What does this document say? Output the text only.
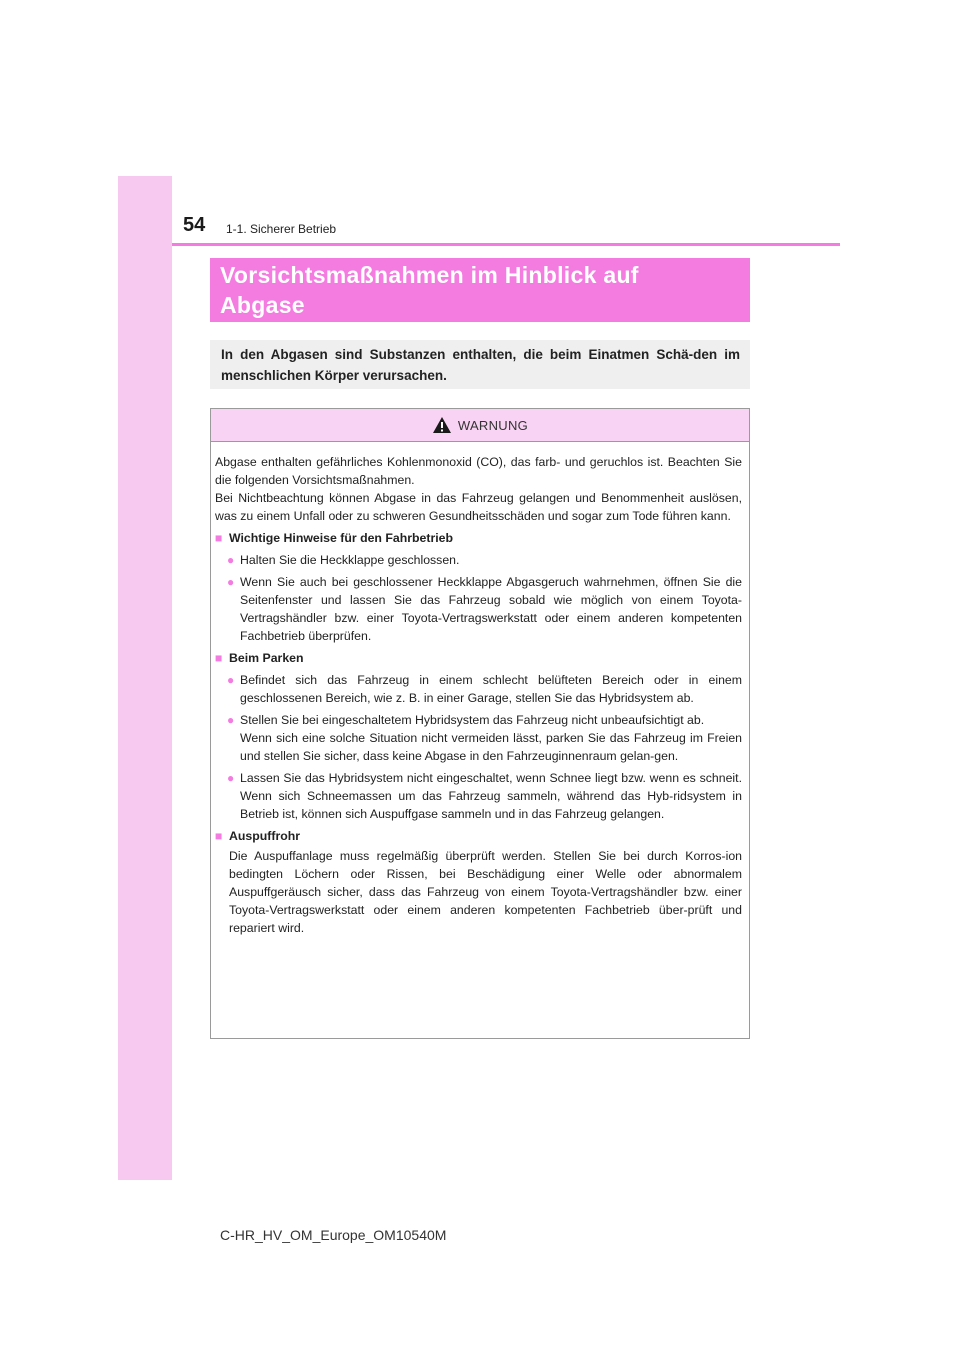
54 1-1. Sicherer Betrieb
Vorsichtsmaßnahmen im Hinblick auf
Abgase
In den Abgasen sind Substanzen enthalten, die beim Einatmen Schä-den im menschlichen Körper verursachen.
WARNUNG

Abgase enthalten gefährliches Kohlenmonoxid (CO), das farb- und geruchlos ist. Beachten Sie die folgenden Vorsichtsmaßnahmen.

Bei Nichtbeachtung können Abgase in das Fahrzeug gelangen und Benommenheit auslösen, was zu einem Unfall oder zu schweren Gesundheitsschäden und sogar zum Tode führen kann.

■ Wichtige Hinweise für den Fahrbetrieb
● Halten Sie die Heckklappe geschlossen.
● Wenn Sie auch bei geschlossener Heckklappe Abgasgeruch wahrnehmen, öffnen Sie die Seitenfenster und lassen Sie das Fahrzeug sobald wie möglich von einem Toyota-Vertragshändler bzw. einer Toyota-Vertragswerkstatt oder einem anderen kompetenten Fachbetrieb überprüfen.
■ Beim Parken
● Befindet sich das Fahrzeug in einem schlecht belüfteten Bereich oder in einem geschlossenen Bereich, wie z. B. in einer Garage, stellen Sie das Hybridsystem ab.
● Stellen Sie bei eingeschaltetem Hybridsystem das Fahrzeug nicht unbeaufsichtigt ab.
Wenn sich eine solche Situation nicht vermeiden lässt, parken Sie das Fahrzeug im Freien und stellen Sie sicher, dass keine Abgase in den Fahrzeuginnenraum gelan-gen.
● Lassen Sie das Hybridsystem nicht eingeschaltet, wenn Schnee liegt bzw. wenn es schneit. Wenn sich Schneemassen um das Fahrzeug sammeln, während das Hyb-ridsystem in Betrieb ist, können sich Auspuffgase sammeln und in das Fahrzeug gelangen.
■ Auspuffrohr
Die Auspuffanlage muss regelmäßig überprüft werden. Stellen Sie bei durch Korros-ion bedingten Löchern oder Rissen, bei Beschädigung einer Welle oder abnormalem Auspuffgeräusch sicher, dass das Fahrzeug von einem Toyota-Vertragshändler bzw. einer Toyota-Vertragswerkstatt oder einem anderen kompetenten Fachbetrieb über-prüft und repariert wird.
C-HR_HV_OM_Europe_OM10540M
